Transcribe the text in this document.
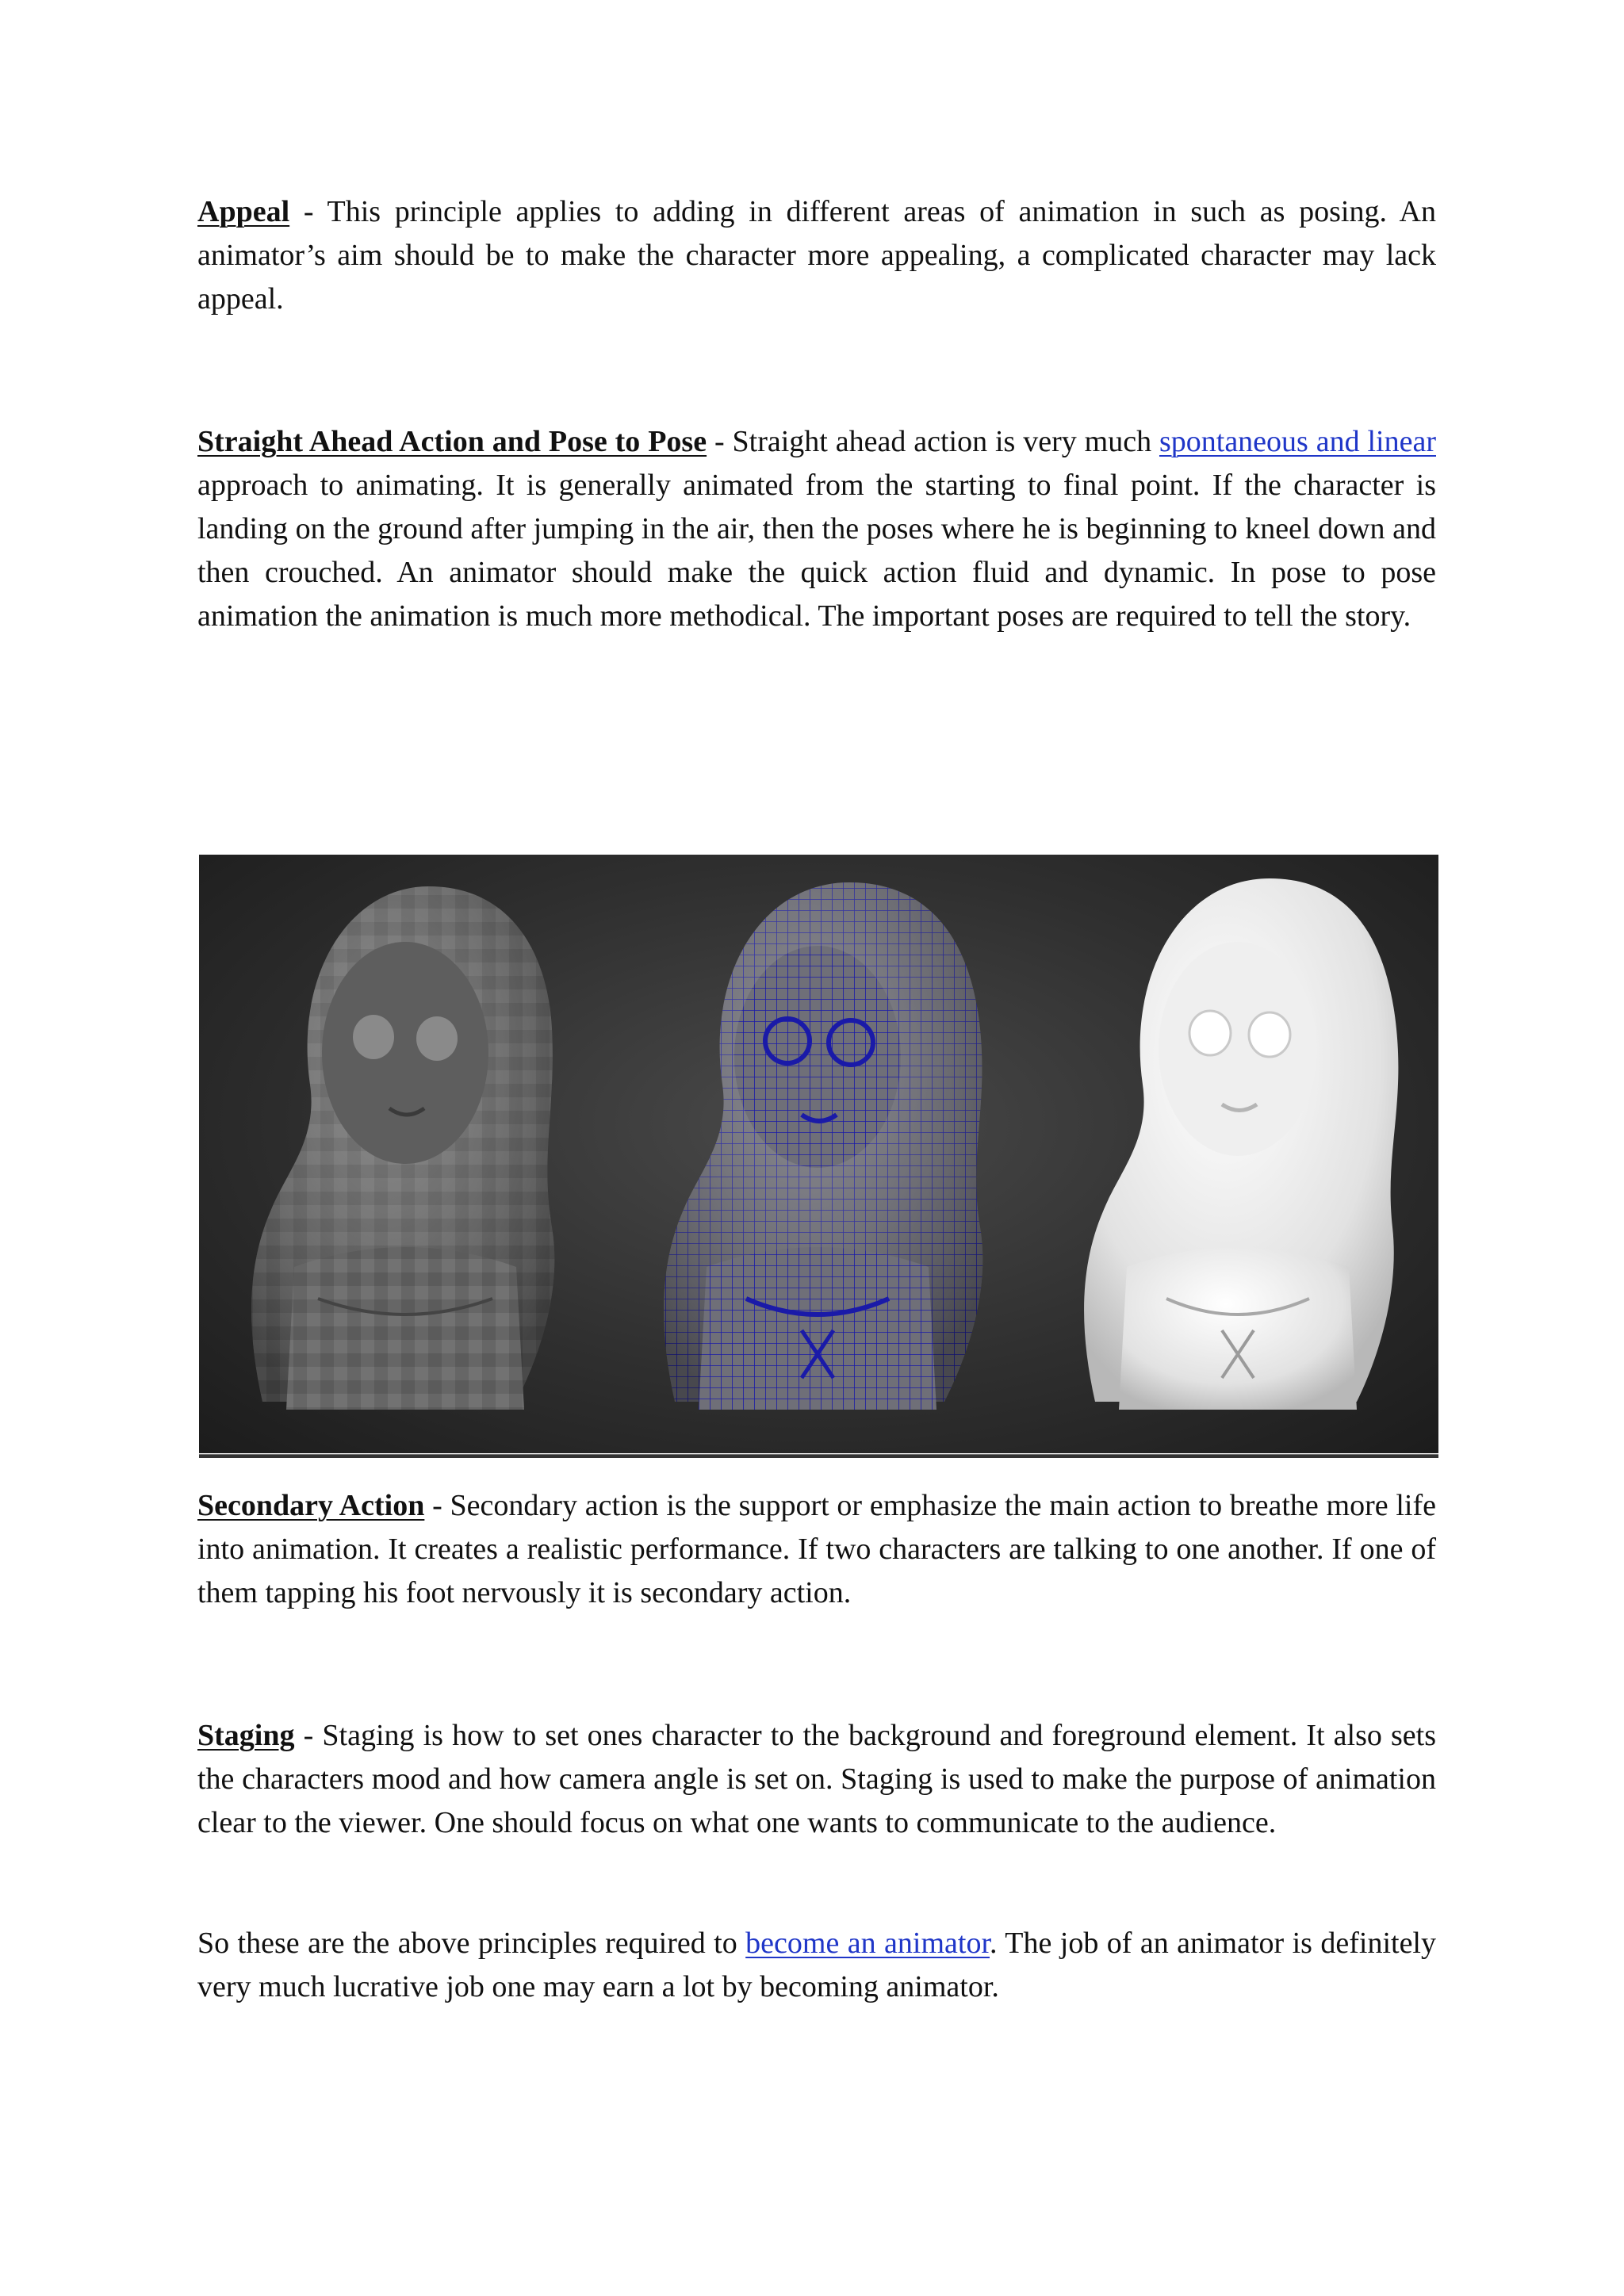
Appeal - This principle applies to adding in different areas of animation in such as posing. An animator’s aim should be to make the character more appealing, a complicated character may lack appeal.

Straight Ahead Action and Pose to Pose - Straight ahead action is very much spontaneous and linear approach to animating. It is generally animated from the starting to final point. If the character is landing on the ground after jumping in the air, then the poses where he is beginning to kneel down and then crouched. An animator should make the quick action fluid and dynamic. In pose to pose animation the animation is much more methodical. The important poses are required to tell the story.

Secondary Action - Secondary action is the support or emphasize the main action to breathe more life into animation. It creates a realistic performance. If two characters are talking to one another. If one of them tapping his foot nervously it is secondary action.

Staging - Staging is how to set ones character to the background and foreground element. It also sets the characters mood and how camera angle is set on. Staging is used to make the purpose of animation clear to the viewer. One should focus on what one wants to communicate to the audience.

So these are the above principles required to become an animator. The job of an animator is definitely very much lucrative job one may earn a lot by becoming animator.
